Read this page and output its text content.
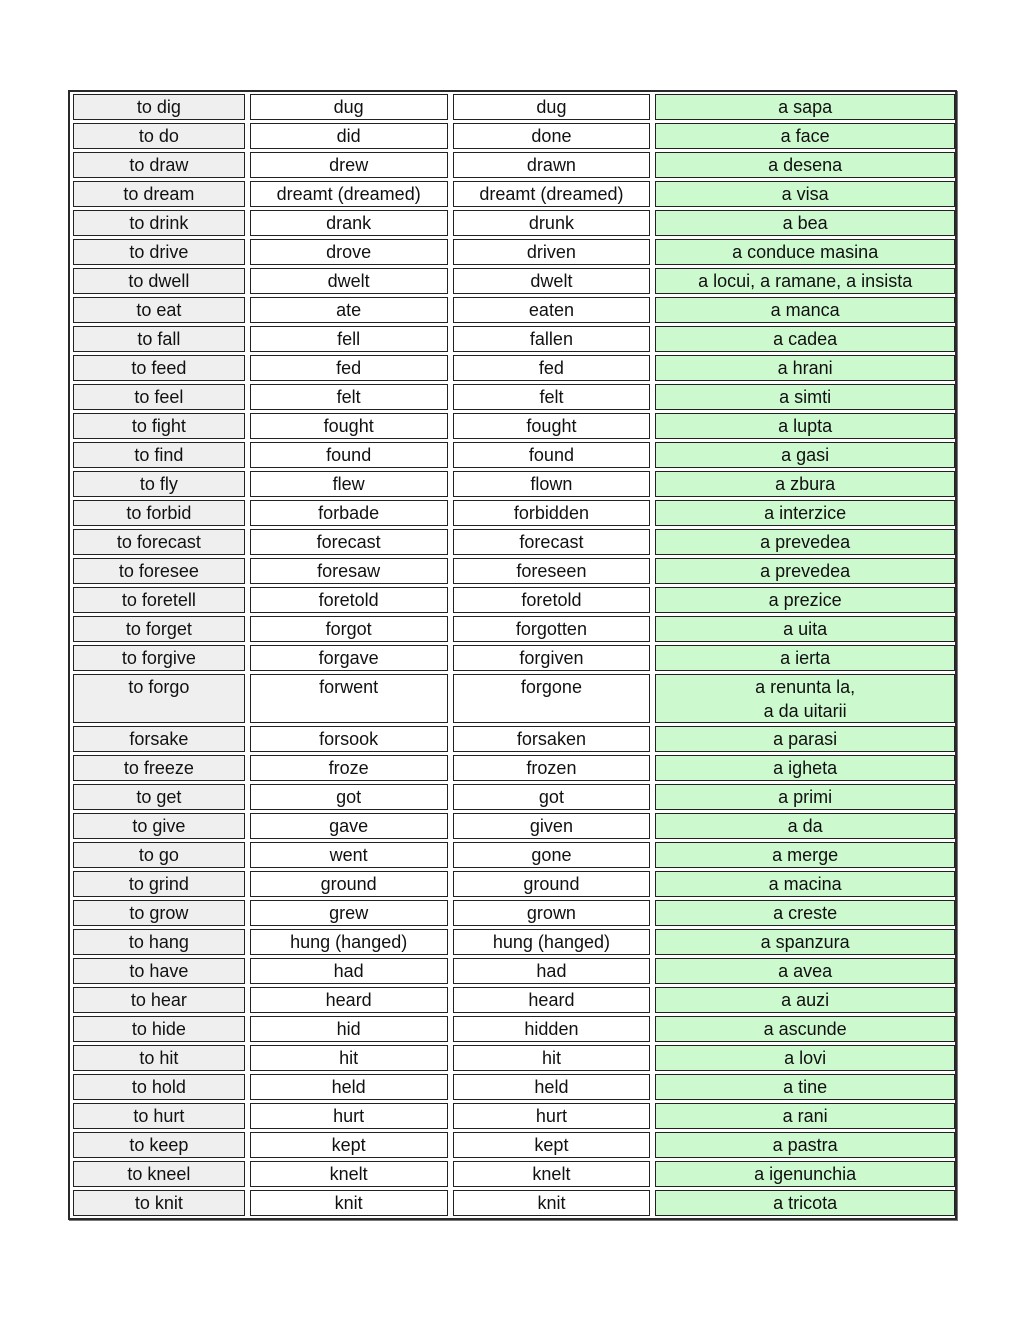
to dig	dug	dug	a sapa
to do	did	done	a face
to draw	drew	drawn	a desena
to dream	dreamt (dreamed)	dreamt (dreamed)	a visa
to drink	drank	drunk	a bea
to drive	drove	driven	a conduce masina
to dwell	dwelt	dwelt	a locui, a ramane, a insista
to eat	ate	eaten	a manca
to fall	fell	fallen	a cadea
to feed	fed	fed	a hrani
to feel	felt	felt	a simti
to fight	fought	fought	a lupta
to find	found	found	a gasi
to fly	flew	flown	a zbura
to forbid	forbade	forbidden	a interzice
to forecast	forecast	forecast	a prevedea
to foresee	foresaw	foreseen	a prevedea
to foretell	foretold	foretold	a prezice
to forget	forgot	forgotten	a uita
to forgive	forgave	forgiven	a ierta
to forgo	forwent	forgone	a renunta la,
a da uitarii
forsake	forsook	forsaken	a parasi
to freeze	froze	frozen	a igheta
to get	got	got	a primi
to give	gave	given	a da
to go	went	gone	a merge
to grind	ground	ground	a macina
to grow	grew	grown	a creste
to hang	hung (hanged)	hung (hanged)	a spanzura
to have	had	had	a avea
to hear	heard	heard	a auzi
to hide	hid	hidden	a ascunde
to hit	hit	hit	a lovi
to hold	held	held	a tine
to hurt	hurt	hurt	a rani
to keep	kept	kept	a pastra
to kneel	knelt	knelt	a igenunchia
to knit	knit	knit	a tricota
